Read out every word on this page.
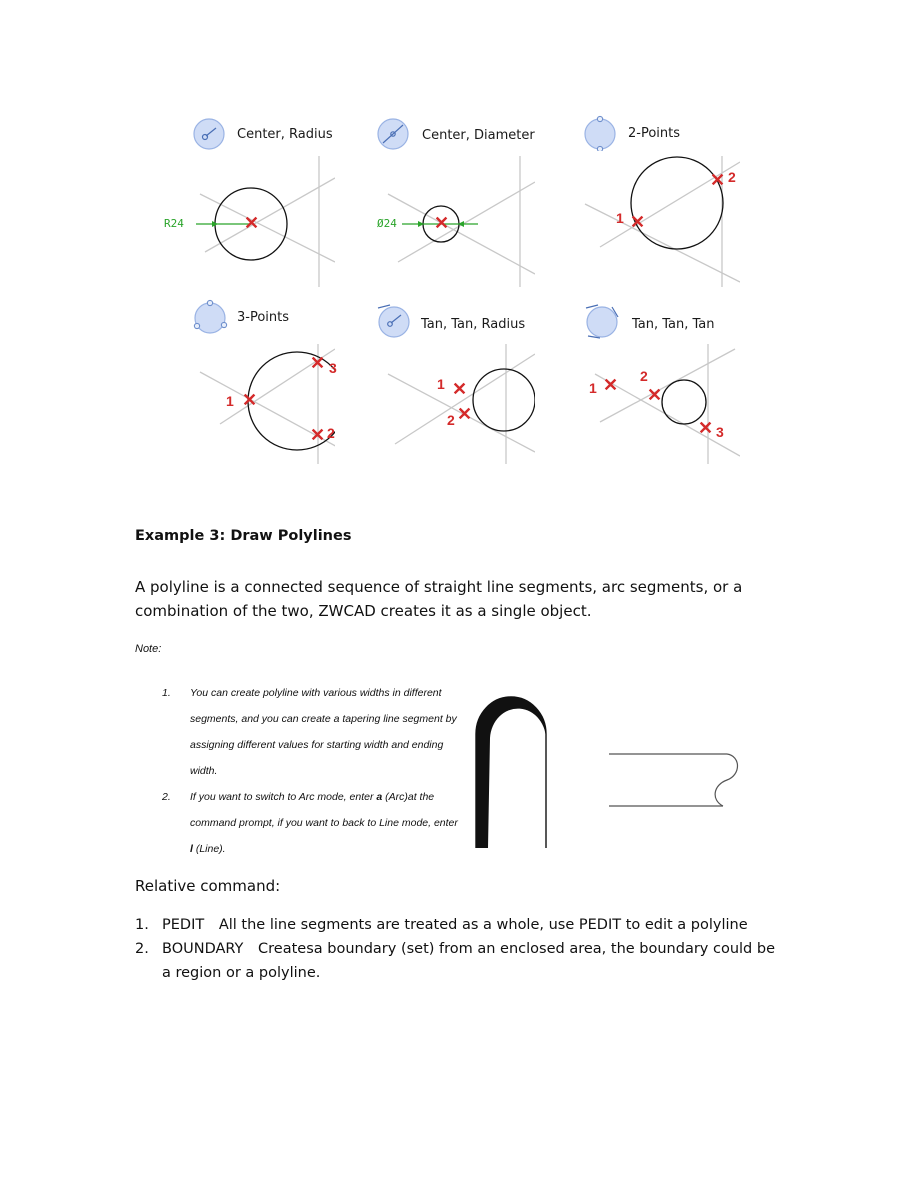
Center, Radius
R24	✕
Center, Diameter
Ø24 ✕
2-Points
✕
1
✕ 2
3-Points
✕
1
✕ 3
✕ 2
Tan, Tan, Radius
✕
1
✕
2
Tan, Tan, Tan
✕
1	✕
2
✕ 3
Example 3: Draw Polylines

A polyline is a connected sequence of straight line segments, arc segments, or a combination of the two, ZWCAD creates it as a single object.

Note:
1. You can create polyline with various widths in different segments, and you can create a tapering line segment by assigning different values for starting width and ending width.
2. If you want to switch to Arc mode, enter a (Arc)at the command prompt, if you want to back to Line mode, enter l (Line).
Relative command:
1. PEDIT All the line segments are treated as a whole, use PEDIT to edit a polyline
2. BOUNDARY Createsa boundary (set) from an enclosed area, the boundary could be a region or a polyline.
